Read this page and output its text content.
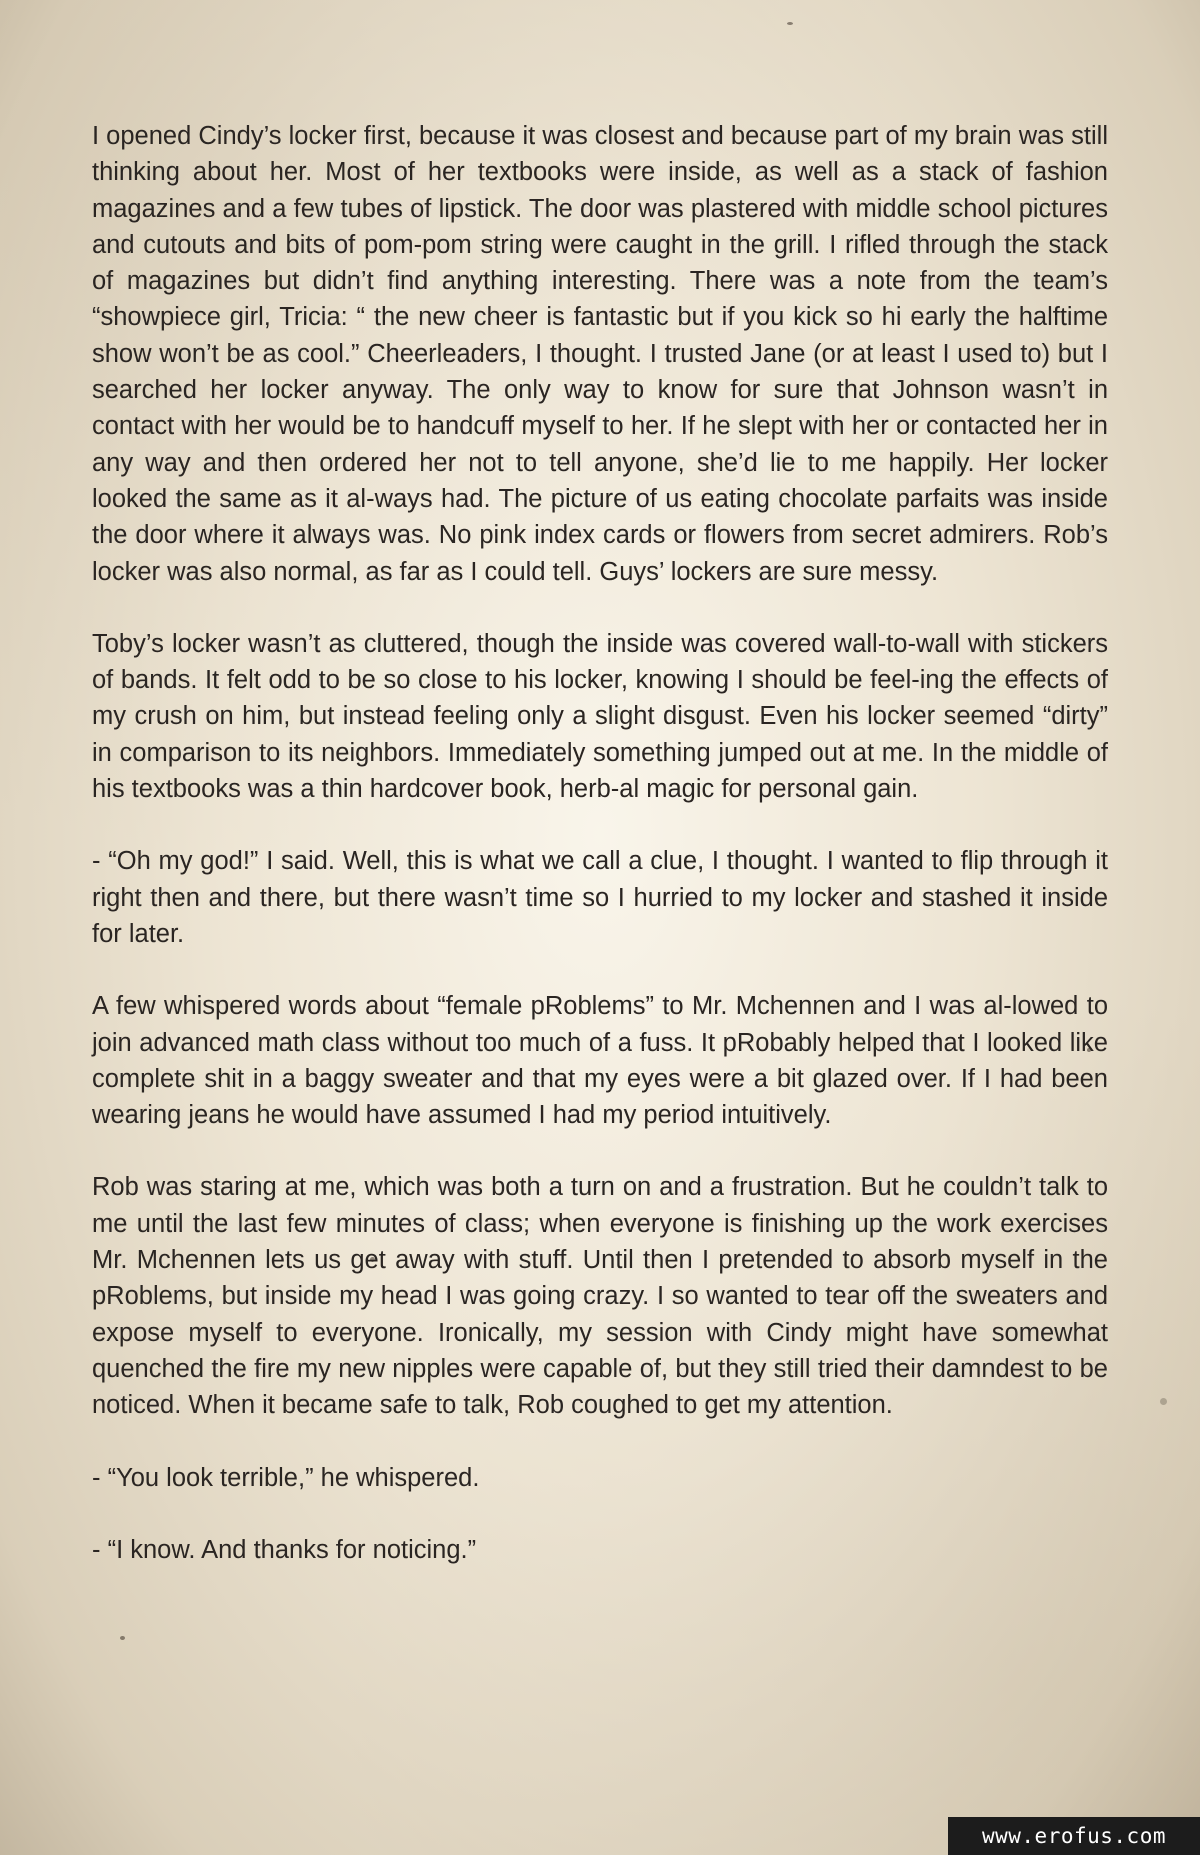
I opened Cindy’s locker first, because it was closest and because part of my brain was still thinking about her. Most of her textbooks were inside, as well as a stack of fashion magazines and a few tubes of lipstick. The door was plastered with middle school pictures and cutouts and bits of pom-pom string were caught in the grill. I rifled through the stack of magazines but didn’t find anything interesting. There was a note from the team’s “showpiece girl, Tricia: “ the new cheer is fantastic but if you kick so hi early the halftime show won’t be as cool.” Cheerleaders, I thought. I trusted Jane (or at least I used to) but I searched her locker anyway. The only way to know for sure that Johnson wasn’t in contact with her would be to handcuff myself to her. If he slept with her or contacted her in any way and then ordered her not to tell anyone, she’d lie to me happily. Her locker looked the same as it al-ways had. The picture of us eating chocolate parfaits was inside the door where it always was. No pink index cards or flowers from secret admirers. Rob’s locker was also normal, as far as I could tell. Guys’ lockers are sure messy.

Toby’s locker wasn’t as cluttered, though the inside was covered wall-to-wall with stickers of bands. It felt odd to be so close to his locker, knowing I should be feel-ing the effects of my crush on him, but instead feeling only a slight disgust. Even his locker seemed “dirty” in comparison to its neighbors. Immediately something jumped out at me. In the middle of his textbooks was a thin hardcover book, herb-al magic for personal gain.

- “Oh my god!” I said. Well, this is what we call a clue, I thought. I wanted to flip through it right then and there, but there wasn’t time so I hurried to my locker and stashed it inside for later.

A few whispered words about “female pRoblems” to Mr. Mchennen and I was al-lowed to join advanced math class without too much of a fuss. It pRobably helped that I looked like complete shit in a baggy sweater and that my eyes were a bit glazed over. If I had been wearing jeans he would have assumed I had my period intuitively.

Rob was staring at me, which was both a turn on and a frustration. But he couldn’t talk to me until the last few minutes of class; when everyone is finishing up the work exercises Mr. Mchennen lets us get away with stuff. Until then I pretended to absorb myself in the pRoblems, but inside my head I was going crazy. I so wanted to tear off the sweaters and expose myself to everyone. Ironically, my session with Cindy might have somewhat quenched the fire my new nipples were capable of, but they still tried their damndest to be noticed. When it became safe to talk, Rob coughed to get my attention.

- “You look terrible,” he whispered.

- “I know. And thanks for noticing.”

www.erofus.com
